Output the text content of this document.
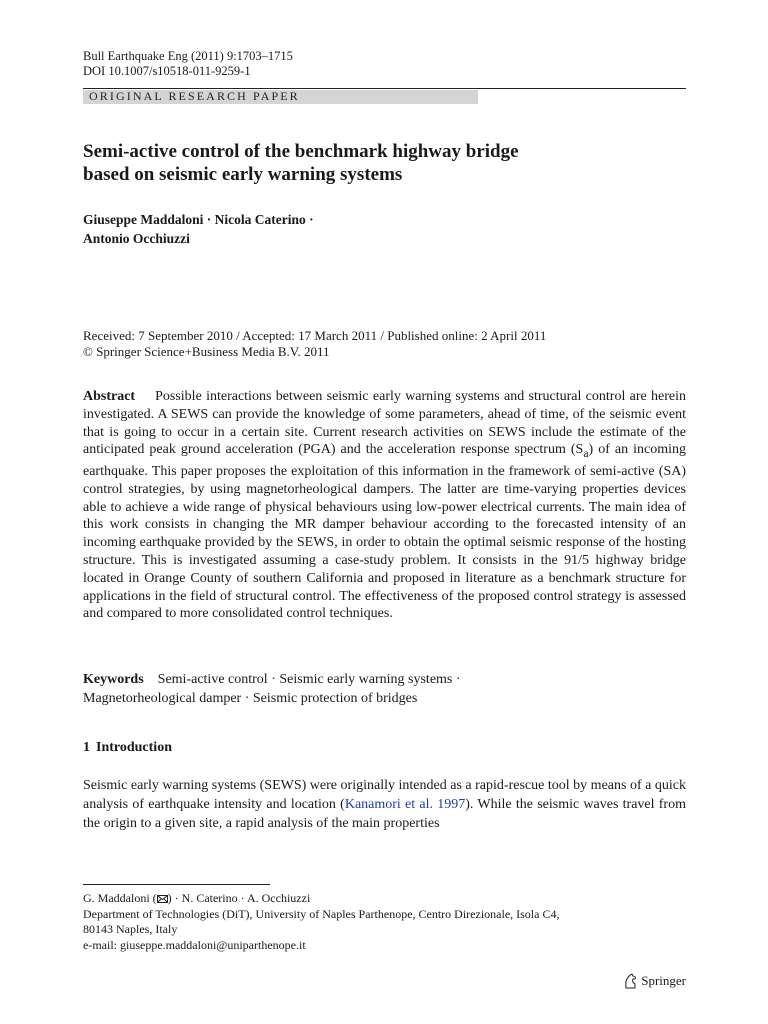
Bull Earthquake Eng (2011) 9:1703–1715
DOI 10.1007/s10518-011-9259-1
ORIGINAL RESEARCH PAPER
Semi-active control of the benchmark highway bridge
based on seismic early warning systems
Giuseppe Maddaloni · Nicola Caterino ·
Antonio Occhiuzzi
Received: 7 September 2010 / Accepted: 17 March 2011 / Published online: 2 April 2011
© Springer Science+Business Media B.V. 2011
Abstract Possible interactions between seismic early warning systems and structural control are herein investigated. A SEWS can provide the knowledge of some parameters, ahead of time, of the seismic event that is going to occur in a certain site. Current research activities on SEWS include the estimate of the anticipated peak ground acceleration (PGA) and the acceleration response spectrum $(S_a)$ of an incoming earthquake. This paper proposes the exploitation of this information in the framework of semi-active (SA) control strategies, by using magnetorheological dampers. The latter are time-varying properties devices able to achieve a wide range of physical behaviours using low-power electrical currents. The main idea of this work consists in changing the MR damper behaviour according to the forecasted intensity of an incoming earthquake provided by the SEWS, in order to obtain the optimal seismic response of the hosting structure. This is investigated assuming a case-study problem. It consists in the 91/5 highway bridge located in Orange County of southern California and proposed in literature as a benchmark structure for applications in the field of structural control. The effectiveness of the proposed control strategy is assessed and compared to more consolidated control techniques.
Keywords Semi-active control · Seismic early warning systems ·
Magnetorheological damper · Seismic protection of bridges
1 Introduction
Seismic early warning systems (SEWS) were originally intended as a rapid-rescue tool by means of a quick analysis of earthquake intensity and location (Kanamori et al. 1997). While the seismic waves travel from the origin to a given site, a rapid analysis of the main properties
G. Maddaloni ( ) · N. Caterino · A. Occhiuzzi
Department of Technologies (DiT), University of Naples Parthenope, Centro Direzionale, Isola C4,
80143 Naples, Italy
e-mail: giuseppe.maddaloni@uniparthenope.it
Springer
